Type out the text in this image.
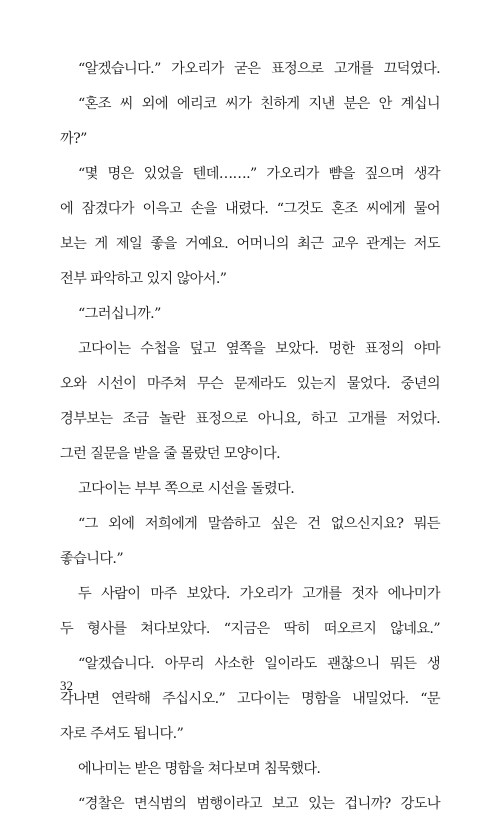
“알겠습니다.” 가오리가 굳은 표정으로 고개를 끄덕였다.
“혼조 씨 외에 에리코 씨가 친하게 지낸 분은 안 계십니
까?”
“몇 명은 있었을 텐데…….” 가오리가 뺨을 짚으며 생각
에 잠겼다가 이윽고 손을 내렸다. “그것도 혼조 씨에게 물어
보는 게 제일 좋을 거예요. 어머니의 최근 교우 관계는 저도
전부 파악하고 있지 않아서.”
“그러십니까.”
고다이는 수첩을 덮고 옆쪽을 보았다. 멍한 표정의 야마
오와 시선이 마주쳐 무슨 문제라도 있는지 물었다. 중년의
경부보는 조금 놀란 표정으로 아니요, 하고 고개를 저었다.
그런 질문을 받을 줄 몰랐던 모양이다.
고다이는 부부 쪽으로 시선을 돌렸다.
“그 외에 저희에게 말씀하고 싶은 건 없으신지요? 뭐든
좋습니다.”
두 사람이 마주 보았다. 가오리가 고개를 젓자 에나미가
두 형사를 쳐다보았다. “지금은 딱히 떠오르지 않네요.”
“알겠습니다. 아무리 사소한 일이라도 괜찮으니 뭐든 생
각나면 연락해 주십시오.” 고다이는 명함을 내밀었다. “문
자로 주셔도 됩니다.”
에나미는 받은 명함을 쳐다보며 침묵했다.
“경찰은 면식범의 범행이라고 보고 있는 겁니까? 강도나
32
